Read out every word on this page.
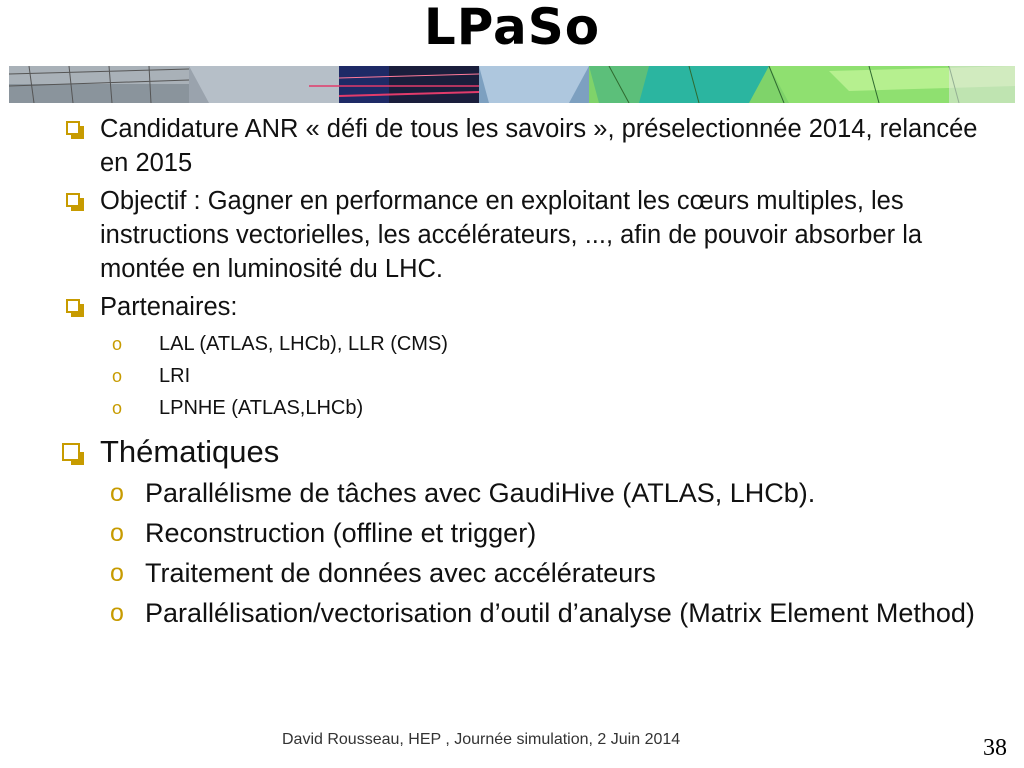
LPaSo
Candidature ANR « défi de tous les savoirs », préselectionnée 2014, relancée en 2015
Objectif : Gagner en performance en exploitant les cœurs multiples, les instructions vectorielles, les accélérateurs, ..., afin de pouvoir absorber la montée en luminosité du LHC.
Partenaires:
o LAL (ATLAS, LHCb), LLR (CMS)
o LRI
o LPNHE (ATLAS,LHCb)
Thématiques
o Parallélisme de tâches avec GaudiHive (ATLAS, LHCb).
o Reconstruction (offline et trigger)
o Traitement de données avec accélérateurs
o Parallélisation/vectorisation d’outil d’analyse (Matrix Element Method)
David Rousseau, HEP , Journée simulation, 2 Juin 2014	38
